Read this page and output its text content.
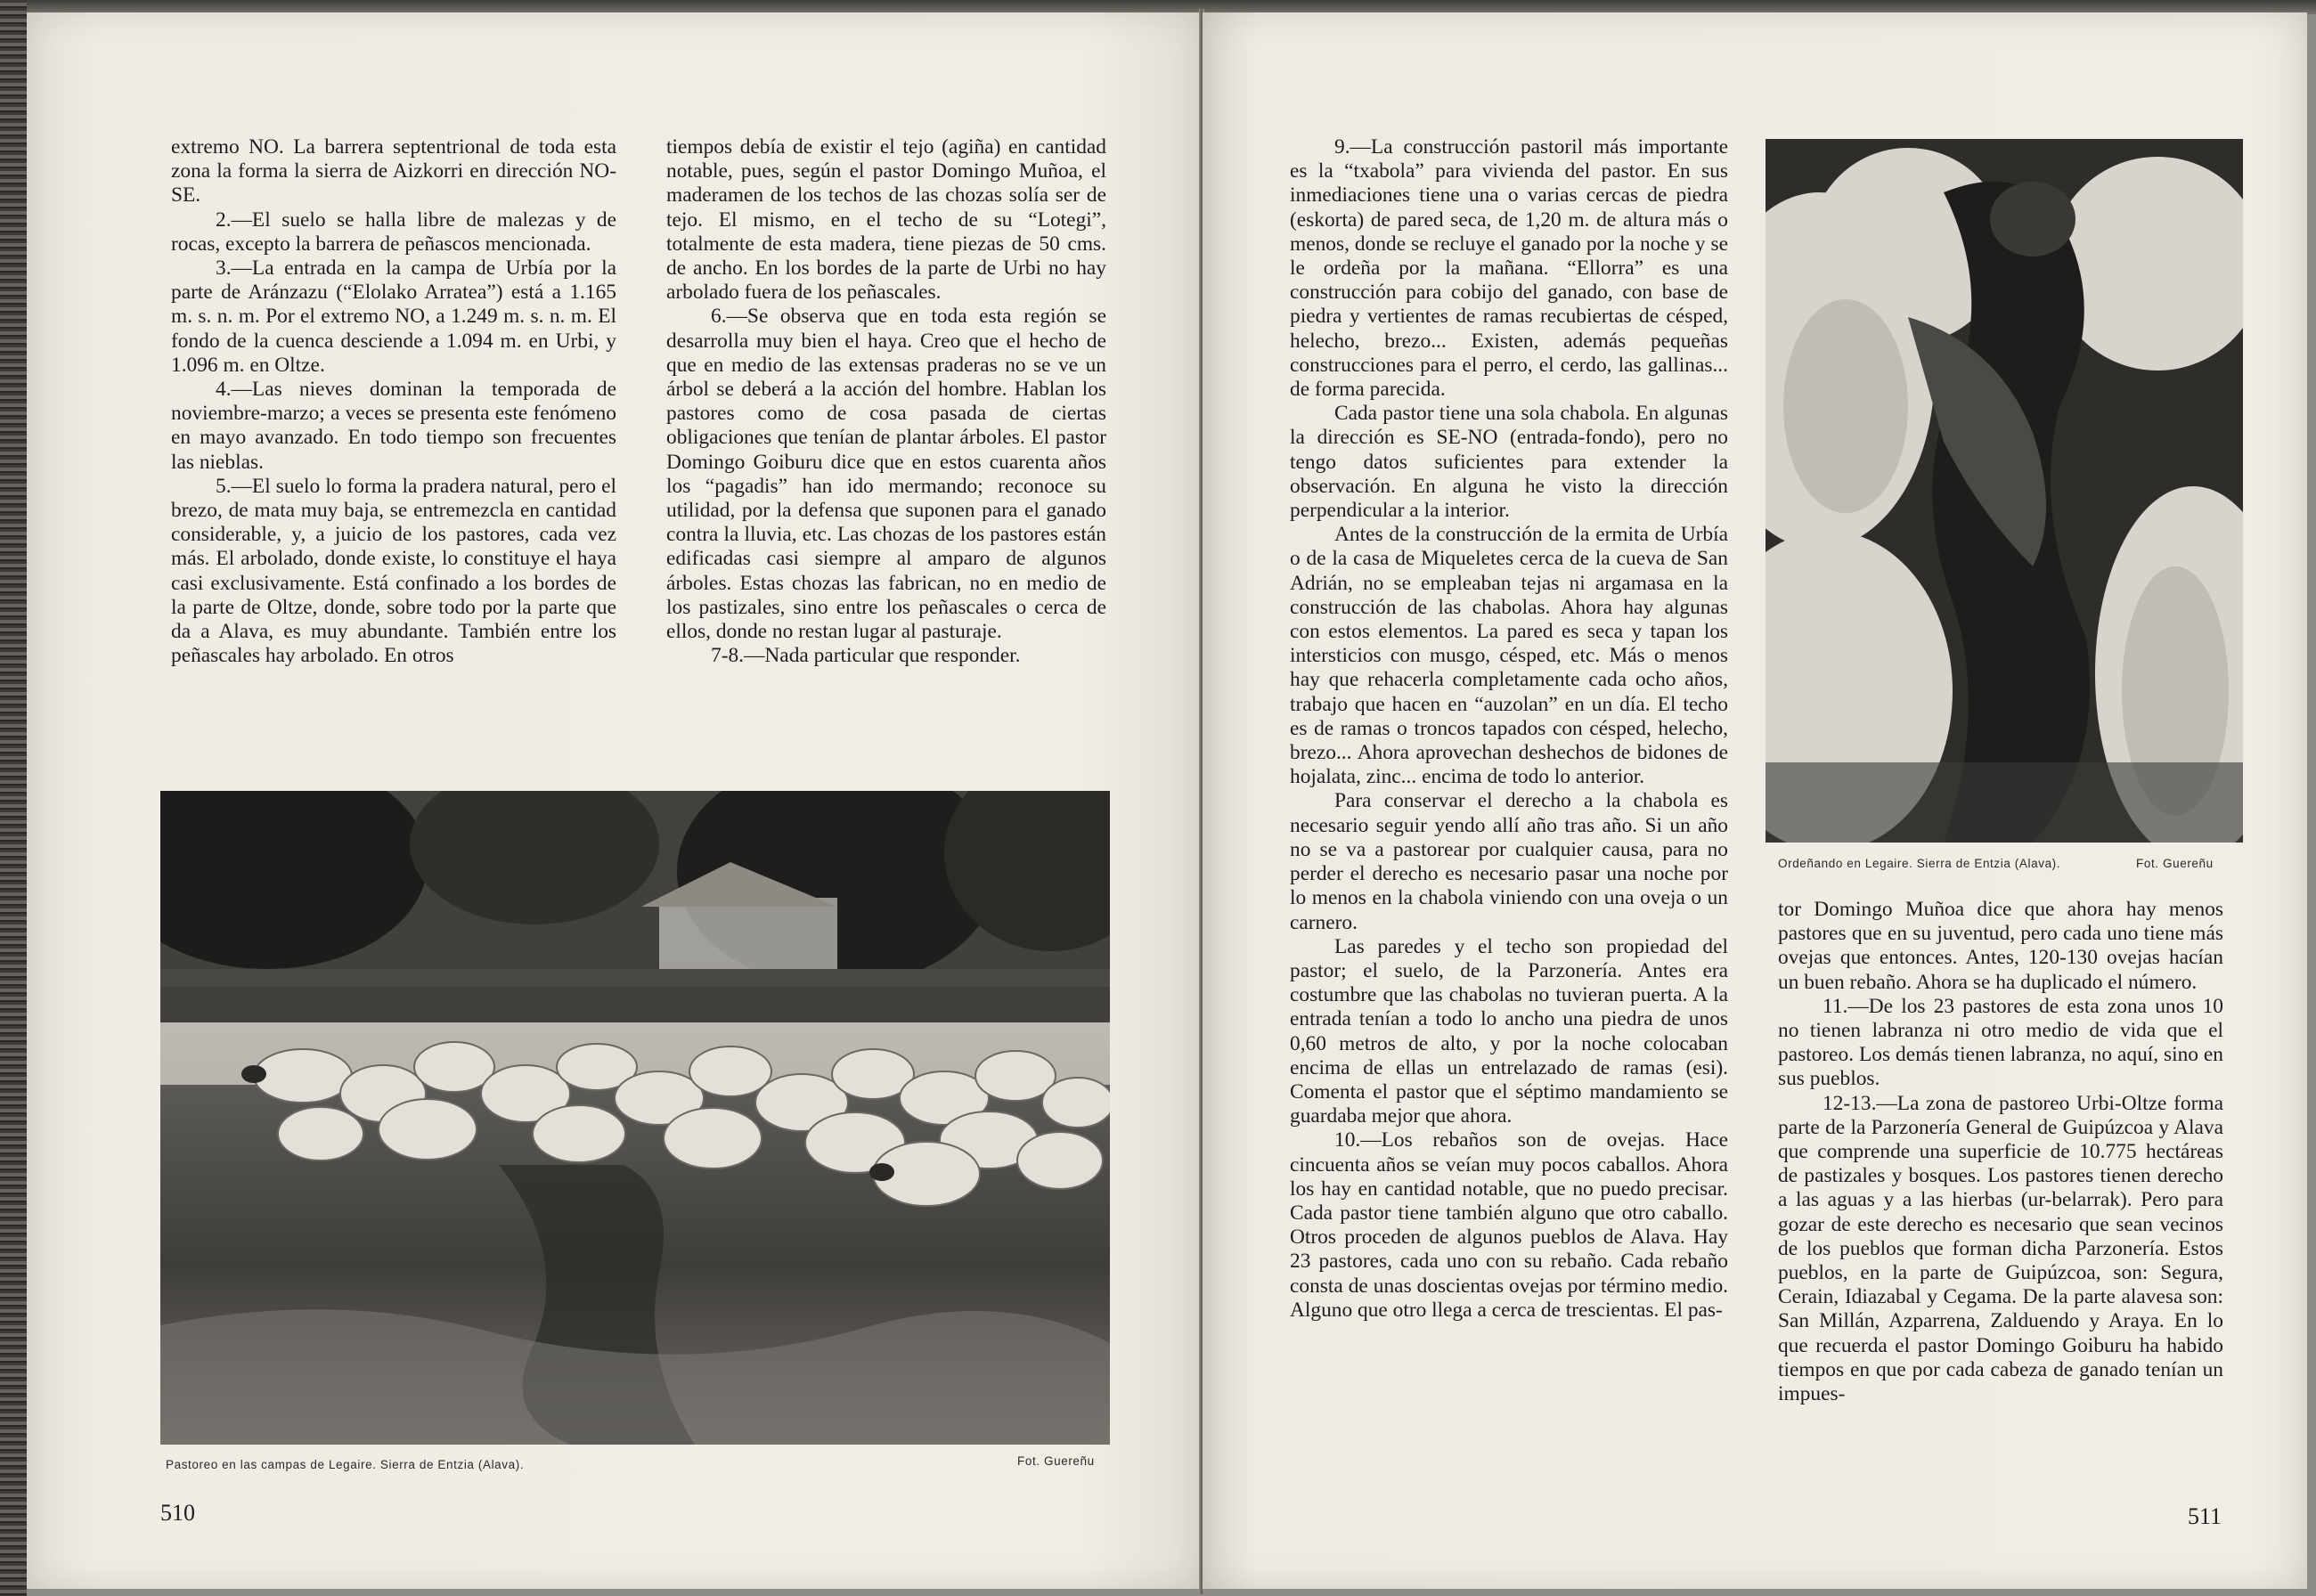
extremo NO. La barrera septentrional de toda esta zona la forma la sierra de Aizkorri en dirección NO-SE.

2.—El suelo se halla libre de malezas y de rocas, excepto la barrera de peñascos mencionada.

3.—La entrada en la campa de Urbía por la parte de Aránzazu (“Elolako Arratea”) está a 1.165 m. s. n. m. Por el extremo NO, a 1.249 m. s. n. m. El fondo de la cuenca desciende a 1.094 m. en Urbi, y 1.096 m. en Oltze.

4.—Las nieves dominan la temporada de noviembre-marzo; a veces se presenta este fenómeno en mayo avanzado. En todo tiempo son frecuentes las nieblas.

5.—El suelo lo forma la pradera natural, pero el brezo, de mata muy baja, se entremezcla en cantidad considerable, y, a juicio de los pastores, cada vez más. El arbolado, donde existe, lo constituye el haya casi exclusivamente. Está confinado a los bordes de la parte de Oltze, donde, sobre todo por la parte que da a Alava, es muy abundante. También entre los peñascales hay arbolado. En otros

tiempos debía de existir el tejo (agiña) en cantidad notable, pues, según el pastor Domingo Muñoa, el maderamen de los techos de las chozas solía ser de tejo. El mismo, en el techo de su “Lotegi”, totalmente de esta madera, tiene piezas de 50 cms. de ancho. En los bordes de la parte de Urbi no hay arbolado fuera de los peñascales.

6.—Se observa que en toda esta región se desarrolla muy bien el haya. Creo que el hecho de que en medio de las extensas praderas no se ve un árbol se deberá a la acción del hombre. Hablan los pastores como de cosa pasada de ciertas obligaciones que tenían de plantar árboles. El pastor Domingo Goiburu dice que en estos cuarenta años los “pagadis” han ido mermando; reconoce su utilidad, por la defensa que suponen para el ganado contra la lluvia, etc. Las chozas de los pastores están edificadas casi siempre al amparo de algunos árboles. Estas chozas las fabrican, no en medio de los pastizales, sino entre los peñascales o cerca de ellos, donde no restan lugar al pasturaje.

7-8.—Nada particular que responder.

Pastoreo en las campas de Legaire. Sierra de Entzia (Alava).	Fot. Guereñu
510

9.—La construcción pastoril más importante es la “txabola” para vivienda del pastor. En sus inmediaciones tiene una o varias cercas de piedra (eskorta) de pared seca, de 1,20 m. de altura más o menos, donde se recluye el ganado por la noche y se le ordeña por la mañana. “Ellorra” es una construcción para cobijo del ganado, con base de piedra y vertientes de ramas recubiertas de césped, helecho, brezo... Existen, además pequeñas construcciones para el perro, el cerdo, las gallinas... de forma parecida.

Cada pastor tiene una sola chabola. En algunas la dirección es SE-NO (entrada-fondo), pero no tengo datos suficientes para extender la observación. En alguna he visto la dirección perpendicular a la interior.

Antes de la construcción de la ermita de Urbía o de la casa de Miqueletes cerca de la cueva de San Adrián, no se empleaban tejas ni argamasa en la construcción de las chabolas. Ahora hay algunas con estos elementos. La pared es seca y tapan los intersticios con musgo, césped, etc. Más o menos hay que rehacerla completamente cada ocho años, trabajo que hacen en “auzolan” en un día. El techo es de ramas o troncos tapados con césped, helecho, brezo... Ahora aprovechan deshechos de bidones de hojalata, zinc... encima de todo lo anterior.

Para conservar el derecho a la chabola es necesario seguir yendo allí año tras año. Si un año no se va a pastorear por cualquier causa, para no perder el derecho es necesario pasar una noche por lo menos en la chabola viniendo con una oveja o un carnero.

Las paredes y el techo son propiedad del pastor; el suelo, de la Parzonería. Antes era costumbre que las chabolas no tuvieran puerta. A la entrada tenían a todo lo ancho una piedra de unos 0,60 metros de alto, y por la noche colocaban encima de ellas un entrelazado de ramas (esi). Comenta el pastor que el séptimo mandamiento se guardaba mejor que ahora.

10.—Los rebaños son de ovejas. Hace cincuenta años se veían muy pocos caballos. Ahora los hay en cantidad notable, que no puedo precisar. Cada pastor tiene también alguno que otro caballo. Otros proceden de algunos pueblos de Alava. Hay 23 pastores, cada uno con su rebaño. Cada rebaño consta de unas doscientas ovejas por término medio. Alguno que otro llega a cerca de trescientas. El pas-

Ordeñando en Legaire. Sierra de Entzia (Alava).	Fot. Guereñu

tor Domingo Muñoa dice que ahora hay menos pastores que en su juventud, pero cada uno tiene más ovejas que entonces. Antes, 120-130 ovejas hacían un buen rebaño. Ahora se ha duplicado el número.

11.—De los 23 pastores de esta zona unos 10 no tienen labranza ni otro medio de vida que el pastoreo. Los demás tienen labranza, no aquí, sino en sus pueblos.

12-13.—La zona de pastoreo Urbi-Oltze forma parte de la Parzonería General de Guipúzcoa y Alava que comprende una superficie de 10.775 hectáreas de pastizales y bosques. Los pastores tienen derecho a las aguas y a las hierbas (ur-belarrak). Pero para gozar de este derecho es necesario que sean vecinos de los pueblos que forman dicha Parzonería. Estos pueblos, en la parte de Guipúzcoa, son: Segura, Cerain, Idiazabal y Cegama. De la parte alavesa son: San Millán, Azparrena, Zalduendo y Araya. En lo que recuerda el pastor Domingo Goiburu ha habido tiempos en que por cada cabeza de ganado tenían un impues-

511
